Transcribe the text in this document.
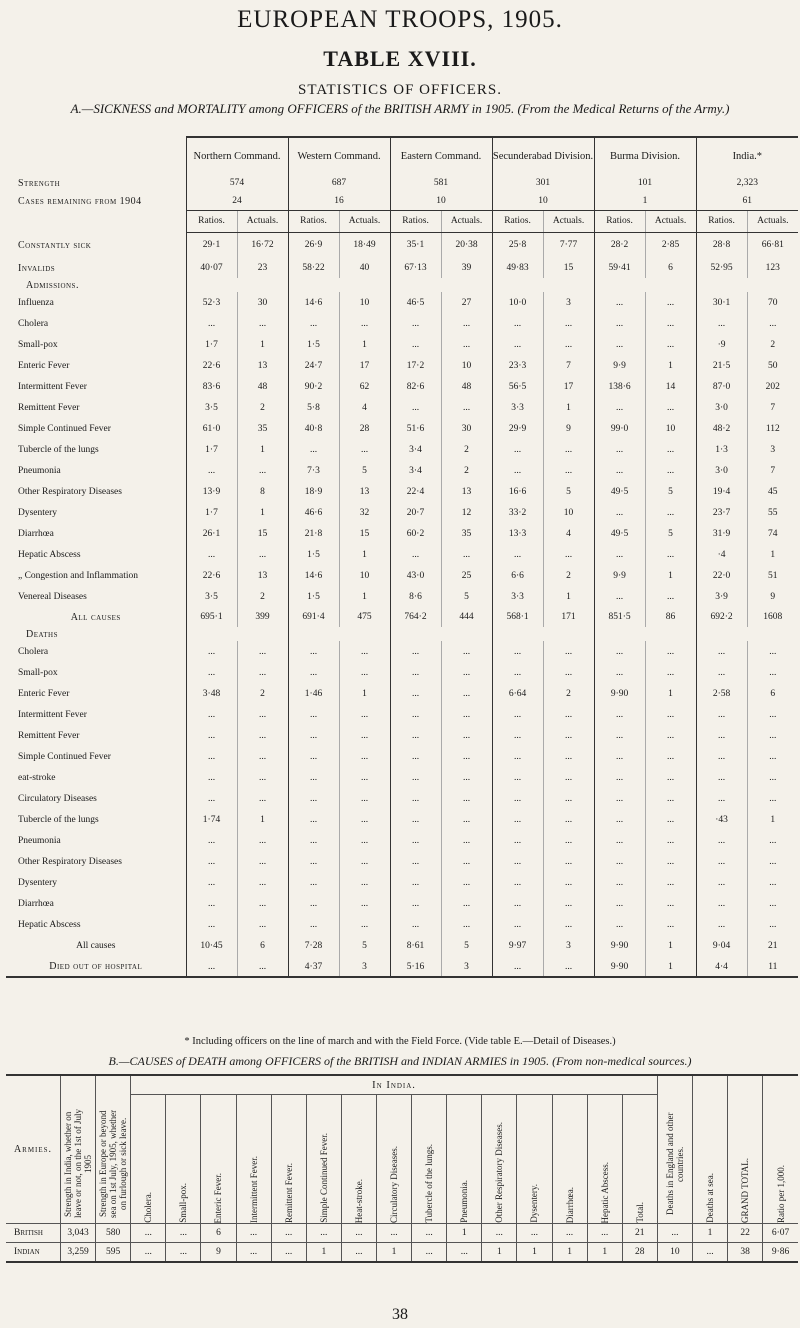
EUROPEAN TROOPS, 1905.
TABLE XVIII.
STATISTICS OF OFFICERS.
A.—SICKNESS and MORTALITY among OFFICERS of the BRITISH ARMY in 1905. (From the Medical Returns of the Army.)
	Northern Command.		Western Command.		Eastern Command.		Secunderabad Division.		Burma Division.		India.*	
Strength	574		687		581		301		101		2,323	
Cases remaining from 1904	24		16		10		10		1		61	
	Ratios.	Actuals.	Ratios.	Actuals.	Ratios.	Actuals.	Ratios.	Actuals.	Ratios.	Actuals.	Ratios.	Actuals.
Constantly sick	29·1	16·72	26·9	18·49	35·1	20·38	25·8	7·77	28·2	2·85	28·8	66·81
Invalids	40·07	23	58·22	40	67·13	39	49·83	15	59·41	6	52·95	123
Admissions.												
Influenza	52·3	30	14·6	10	46·5	27	10·0	3	...	...	30·1	70
Cholera	...	...	...	...	...	...	...	...	...	...	...	...
Small-pox	1·7	1	1·5	1	...	...	...	...	...	...	·9	2
Enteric Fever	22·6	13	24·7	17	17·2	10	23·3	7	9·9	1	21·5	50
Intermittent Fever	83·6	48	90·2	62	82·6	48	56·5	17	138·6	14	87·0	202
Remittent Fever	3·5	2	5·8	4	...	...	3·3	1	...	...	3·0	7
Simple Continued Fever	61·0	35	40·8	28	51·6	30	29·9	9	99·0	10	48·2	112
Tubercle of the lungs	1·7	1	...	...	3·4	2	...	...	...	...	1·3	3
Pneumonia	...	...	7·3	5	3·4	2	...	...	...	...	3·0	7
Other Respiratory Diseases	13·9	8	18·9	13	22·4	13	16·6	5	49·5	5	19·4	45
Dysentery	1·7	1	46·6	32	20·7	12	33·2	10	...	...	23·7	55
Diarrhœa	26·1	15	21·8	15	60·2	35	13·3	4	49·5	5	31·9	74
Hepatic Abscess	...	...	1·5	1	...	...	...	...	...	...	·4	1
„ Congestion and Inflammation	22·6	13	14·6	10	43·0	25	6·6	2	9·9	1	22·0	51
Venereal Diseases	3·5	2	1·5	1	8·6	5	3·3	1	...	...	3·9	9
All causes	695·1	399	691·4	475	764·2	444	568·1	171	851·5	86	692·2	1608
Deaths												
Cholera	...	...	...	...	...	...	...	...	...	...	...	...
Small-pox	...	...	...	...	...	...	...	...	...	...	...	...
Enteric Fever	3·48	2	1·46	1	...	...	6·64	2	9·90	1	2·58	6
Intermittent Fever	...	...	...	...	...	...	...	...	...	...	...	...
Remittent Fever	...	...	...	...	...	...	...	...	...	...	...	...
Simple Continued Fever	...	...	...	...	...	...	...	...	...	...	...	...
eat-stroke	...	...	...	...	...	...	...	...	...	...	...	...
Circulatory Diseases	...	...	...	...	...	...	...	...	...	...	...	...
Tubercle of the lungs	1·74	1	...	...	...	...	...	...	...	...	·43	1
Pneumonia	...	...	...	...	...	...	...	...	...	...	...	...
Other Respiratory Diseases	...	...	...	...	...	...	...	...	...	...	...	...
Dysentery	...	...	...	...	...	...	...	...	...	...	...	...
Diarrhœa	...	...	...	...	...	...	...	...	...	...	...	...
Hepatic Abscess	...	...	...	...	...	...	...	...	...	...	...	...
All causes	10·45	6	7·28	5	8·61	5	9·97	3	9·90	1	9·04	21
Died out of hospital	...	...	4·37	3	5·16	3	...	...	9·90	1	4·4	11
* Including officers on the line of march and with the Field Force. (Vide table E.—Detail of Diseases.)
B.—CAUSES of DEATH among OFFICERS of the BRITISH and INDIAN ARMIES in 1905. (From non-medical sources.)
Armies.	Strength in India, whether on leave or not, on the 1st of July 1905	Strength in Europe or beyond sea on 1st July, 1905, whether on furlough or sick leave.	In India.															Deaths in England and other countries.	Deaths at sea.	GRAND TOTAL.	Ratio per 1,000.

			Cholera.	Small-pox.	Enteric Fever.	Intermittent Fever.	Remittent Fever.	Simple Continued Fever.	Heat-stroke.	Circulatory Diseases.	Tubercle of the lungs.	Pneumonia.	Other Respiratory Diseases.	Dysentery.	Diarrhœa.	Hepatic Abscess.	Total.				

British	3,043	580	...	...	6	...	...	...	...	...	...	1	...	...	...	...	21	...	1	22	6·07
Indian	3,259	595	...	...	9	...	...	1	...	1	...	...	1	1	1	1	28	10	...	38	9·86
38
